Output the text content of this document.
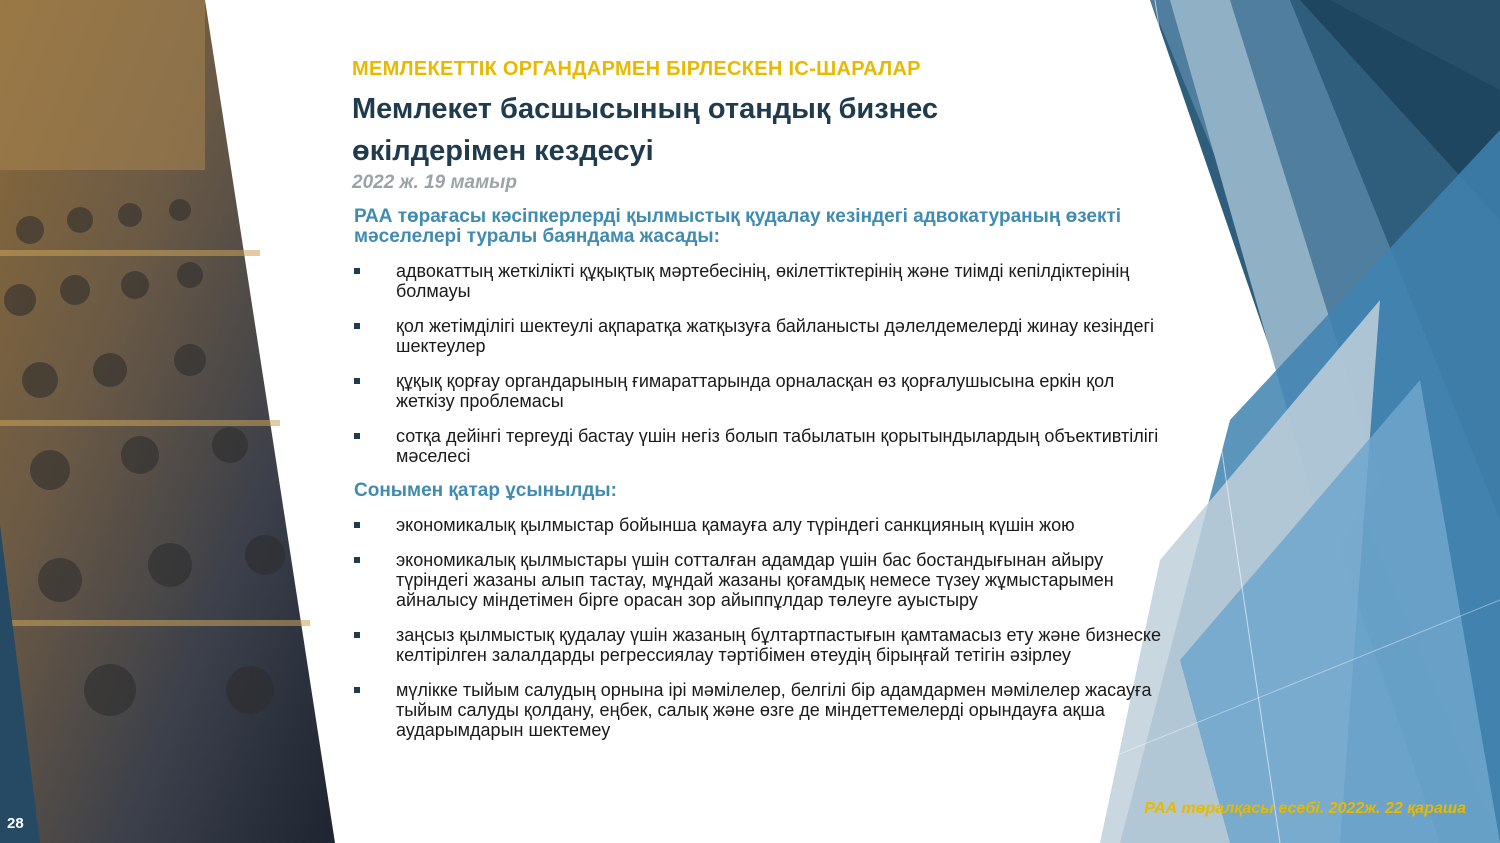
МЕМЛЕКЕТТІК ОРГАНДАРМЕН БІРЛЕСКЕН ІС-ШАРАЛАР
Мемлекет басшысының отандық бизнес өкілдерімен кездесуі
2022 ж. 19 мамыр
РАА төрағасы кәсіпкерлерді қылмыстық қудалау кезіндегі адвокатураның өзекті мәселелері туралы баяндама жасады:
адвокаттың жеткілікті құқықтық мәртебесінің, өкілеттіктерінің және тиімді кепілдіктерінің болмауы
қол жетімділігі шектеулі ақпаратқа жатқызуға байланысты дәлелдемелерді жинау кезіндегі шектеулер
құқық қорғау органдарының ғимараттарында орналасқан өз қорғалушысына еркін қол жеткізу проблемасы
сотқа дейінгі тергеуді бастау үшін негіз болып табылатын қорытындылардың объективтілігі мәселесі
Сонымен қатар ұсынылды:
экономикалық қылмыстар бойынша қамауға алу түріндегі санкцияның күшін жою
экономикалық қылмыстары үшін сотталған адамдар үшін бас бостандығынан айыру түріндегі жазаны алып тастау, мұндай жазаны қоғамдық немесе түзеу жұмыстарымен айналысу міндетімен бірге орасан зор айыппұлдар төлеуге ауыстыру
заңсыз қылмыстық қудалау үшін жазаның бұлтартпастығын қамтамасыз ету және бизнеске келтірілген залалдарды регрессиялау тәртібімен өтеудің бірыңғай тетігін әзірлеу
мүлікке тыйым салудың орнына ірі мәмілелер, белгілі бір адамдармен мәмілелер жасауға тыйым салуды қолдану, еңбек, салық және өзге де міндеттемелерді орындауға ақша аударымдарын шектемеу
28
РАА төралқасы есебі. 2022ж. 22 қараша
